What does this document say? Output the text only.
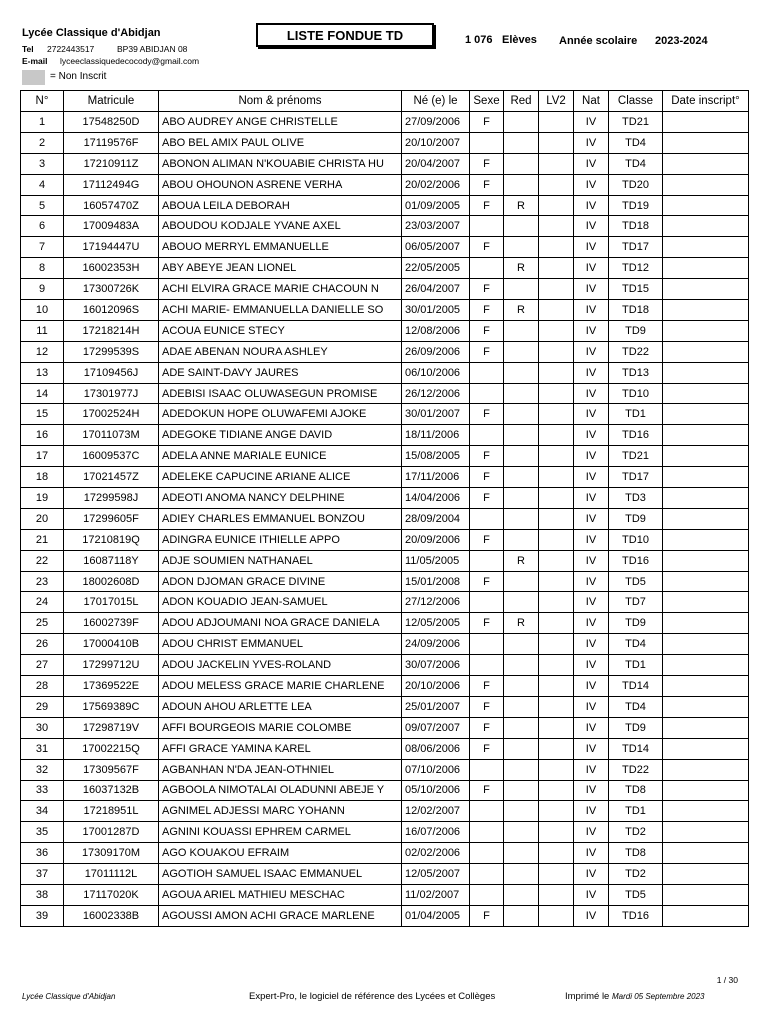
Lycée Classique d'Abidjan
Tel 2722443517	BP39 ABIDJAN 08
E-mail lyceeclassiquedecocody@gmail.com
= Non Inscrit
LISTE FONDUE TD	1 076 Elèves Année scolaire 2023-2024
N°	Matricule	Nom & prénoms	Né (e) le	Sexe	Red	LV2	Nat	Classe	Date inscript°
1	17548250D	ABO AUDREY ANGE CHRISTELLE	27/09/2006	F			IV	TD21	
2	17119576F	ABO BEL AMIX PAUL OLIVE	20/10/2007				IV	TD4	
3	17210911Z	ABONON ALIMAN N'KOUABIE CHRISTA HU	20/04/2007	F			IV	TD4	
4	17112494G	ABOU OHOUNON ASRENE VERHA	20/02/2006	F			IV	TD20	
5	16057470Z	ABOUA LEILA DEBORAH	01/09/2005	F	R		IV	TD19	
6	17009483A	ABOUDOU KODJALE YVANE AXEL	23/03/2007				IV	TD18	
7	17194447U	ABOUO MERRYL EMMANUELLE	06/05/2007	F			IV	TD17	
8	16002353H	ABY ABEYE JEAN LIONEL	22/05/2005		R		IV	TD12	
9	17300726K	ACHI ELVIRA GRACE MARIE CHACOUN N	26/04/2007	F			IV	TD15	
10	16012096S	ACHI MARIE- EMMANUELLA DANIELLE SO	30/01/2005	F	R		IV	TD18	
11	17218214H	ACOUA EUNICE STECY	12/08/2006	F			IV	TD9	
12	17299539S	ADAE ABENAN NOURA ASHLEY	26/09/2006	F			IV	TD22	
13	17109456J	ADE SAINT-DAVY JAURES	06/10/2006				IV	TD13	
14	17301977J	ADEBISI ISAAC OLUWASEGUN PROMISE	26/12/2006				IV	TD10	
15	17002524H	ADEDOKUN HOPE OLUWAFEMI AJOKE	30/01/2007	F			IV	TD1	
16	17011073M	ADEGOKE TIDIANE ANGE DAVID	18/11/2006				IV	TD16	
17	16009537C	ADELA ANNE MARIALE EUNICE	15/08/2005	F			IV	TD21	
18	17021457Z	ADELEKE CAPUCINE ARIANE ALICE	17/11/2006	F			IV	TD17	
19	17299598J	ADEOTI ANOMA NANCY DELPHINE	14/04/2006	F			IV	TD3	
20	17299605F	ADIEY CHARLES EMMANUEL BONZOU	28/09/2004				IV	TD9	
21	17210819Q	ADINGRA EUNICE ITHIELLE APPO	20/09/2006	F			IV	TD10	
22	16087118Y	ADJE SOUMIEN NATHANAEL	11/05/2005		R		IV	TD16	
23	18002608D	ADON DJOMAN GRACE DIVINE	15/01/2008	F			IV	TD5	
24	17017015L	ADON KOUADIO JEAN-SAMUEL	27/12/2006				IV	TD7	
25	16002739F	ADOU ADJOUMANI NOA GRACE DANIELA	12/05/2005	F	R		IV	TD9	
26	17000410B	ADOU CHRIST EMMANUEL	24/09/2006				IV	TD4	
27	17299712U	ADOU JACKELIN YVES-ROLAND	30/07/2006				IV	TD1	
28	17369522E	ADOU MELESS GRACE MARIE CHARLENE	20/10/2006	F			IV	TD14	
29	17569389C	ADOUN AHOU ARLETTE LEA	25/01/2007	F			IV	TD4	
30	17298719V	AFFI BOURGEOIS MARIE COLOMBE	09/07/2007	F			IV	TD9	
31	17002215Q	AFFI GRACE YAMINA KAREL	08/06/2006	F			IV	TD14	
32	17309567F	AGBANHAN N'DA JEAN-OTHNIEL	07/10/2006				IV	TD22	
33	16037132B	AGBOOLA NIMOTALAI OLADUNNI ABEJE Y	05/10/2006	F			IV	TD8	
34	17218951L	AGNIMEL ADJESSI MARC YOHANN	12/02/2007				IV	TD1	
35	17001287D	AGNINI KOUASSI EPHREM CARMEL	16/07/2006				IV	TD2	
36	17309170M	AGO KOUAKOU EFRAIM	02/02/2006				IV	TD8	
37	17011112L	AGOTIOH SAMUEL ISAAC EMMANUEL	12/05/2007				IV	TD2	
38	17117020K	AGOUA ARIEL MATHIEU MESCHAC	11/02/2007				IV	TD5	
39	16002338B	AGOUSSI AMON ACHI GRACE MARLENE	01/04/2005	F			IV	TD16	
1 / 30
Lycée Classique d'Abidjan	Expert-Pro, le logiciel de référence des Lycées et Collèges	Imprimé le Mardi 05 Septembre 2023
